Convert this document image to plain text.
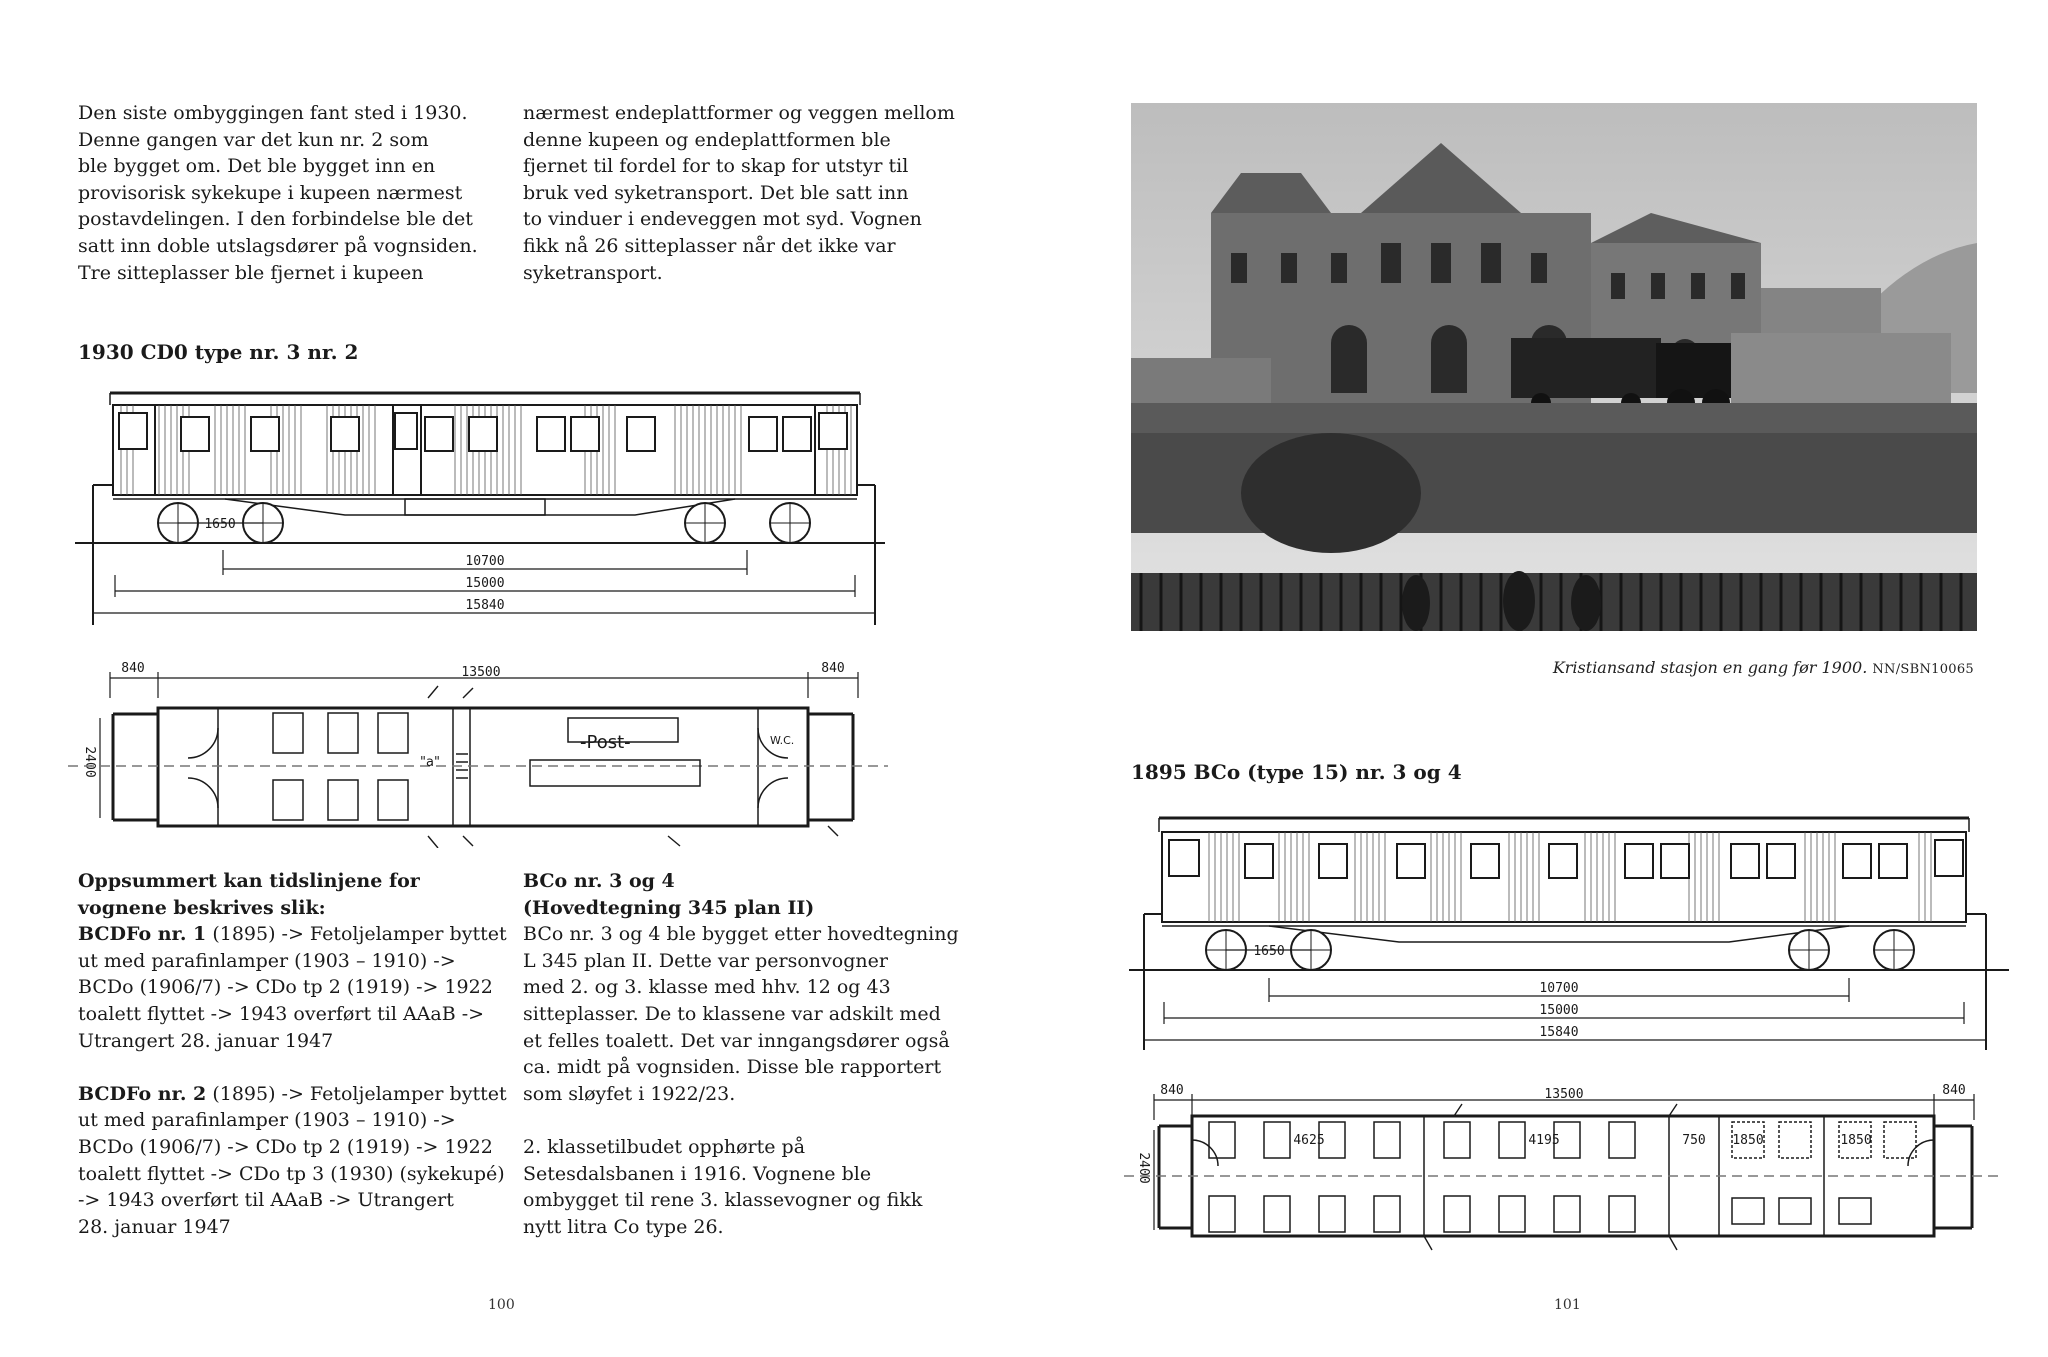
Den siste ombyggingen fant sted i 1930.

Denne gangen var det kun nr. 2 som

ble bygget om. Det ble bygget inn en

provisorisk sykekupe i kupeen nærmest

postavdelingen. I den forbindelse ble det

satt inn doble utslagsdører på vognsiden.

Tre sitteplasser ble fjernet i kupeen

nærmest endeplattformer og veggen mellom

denne kupeen og endeplattformen ble

fjernet til fordel for to skap for utstyr til

bruk ved syketransport. Det ble satt inn

to vinduer i endeveggen mot syd. Vognen

fikk nå 26 sitteplasser når det ikke var

syketransport.

1930 CD0 type nr. 3 nr. 2
1650
10700
15000
15840
840	13500	840
2400
-Post-	W.C.
"a"

Oppsummert kan tidslinjene for

vognene beskrives slik:

BCDFo nr. 1 (1895) -> Fetoljelamper byttet

ut med parafinlamper (1903 – 1910) ->

BCDo (1906/7) -> CDo tp 2 (1919) -> 1922

toalett flyttet -> 1943 overført til AAaB ->

Utrangert 28. januar 1947

BCDFo nr. 2 (1895) -> Fetoljelamper byttet

ut med parafinlamper (1903 – 1910) ->

BCDo (1906/7) -> CDo tp 2 (1919) -> 1922

toalett flyttet -> CDo tp 3 (1930) (sykekupé)

-> 1943 overført til AAaB -> Utrangert

28. januar 1947

BCo nr. 3 og 4

(Hovedtegning 345 plan II)

BCo nr. 3 og 4 ble bygget etter hovedtegning

L 345 plan II. Dette var personvogner

med 2. og 3. klasse med hhv. 12 og 43

sitteplasser. De to klassene var adskilt med

et felles toalett. Det var inngangsdører også

ca. midt på vognsiden. Disse ble rapportert

som sløyfet i 1922/23.

2. klassetilbudet opphørte på

Setesdalsbanen i 1916. Vognene ble

ombygget til rene 3. klassevogner og fikk

nytt litra Co type 26.

100
Kristiansand stasjon en gang før 1900. NN/SBN10065
1895 BCo (type 15) nr. 3 og 4
1650
10700
15000
15840
840	13500	840
2400
4625	4195	750 1850	1850
101
